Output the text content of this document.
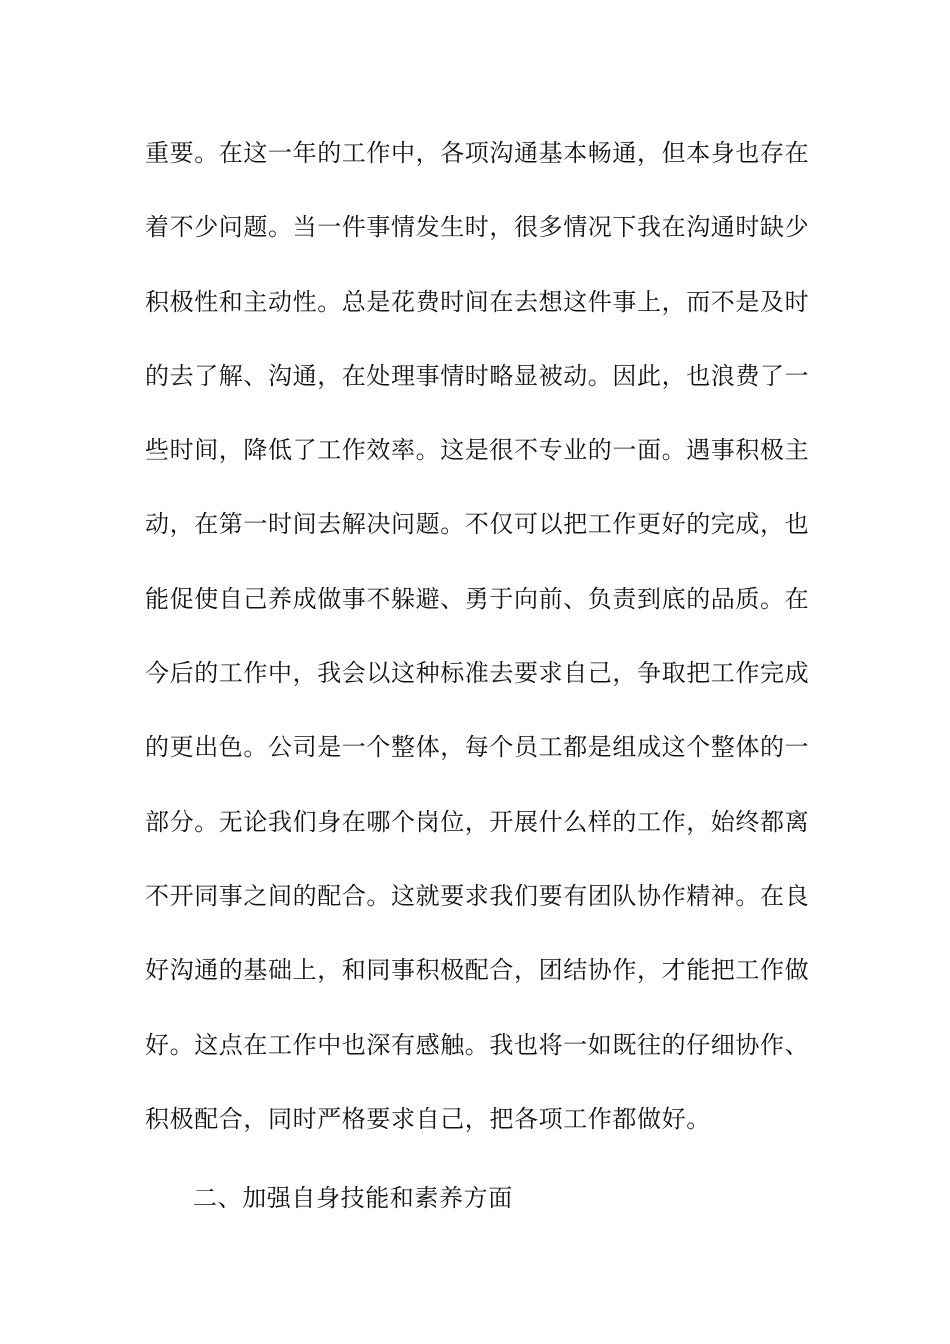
重要。在这一年的工作中，各项沟通基本畅通，但本身也存在
着不少问题。当一件事情发生时，很多情况下我在沟通时缺少
积极性和主动性。总是花费时间在去想这件事上，而不是及时
的去了解、沟通，在处理事情时略显被动。因此，也浪费了一
些时间，降低了工作效率。这是很不专业的一面。遇事积极主
动，在第一时间去解决问题。不仅可以把工作更好的完成，也
能促使自己养成做事不躲避、勇于向前、负责到底的品质。在
今后的工作中，我会以这种标准去要求自己，争取把工作完成
的更出色。公司是一个整体，每个员工都是组成这个整体的一
部分。无论我们身在哪个岗位，开展什么样的工作，始终都离
不开同事之间的配合。这就要求我们要有团队协作精神。在良
好沟通的基础上，和同事积极配合，团结协作，才能把工作做
好。这点在工作中也深有感触。我也将一如既往的仔细协作、
积极配合，同时严格要求自己，把各项工作都做好。
二、加强自身技能和素养方面
